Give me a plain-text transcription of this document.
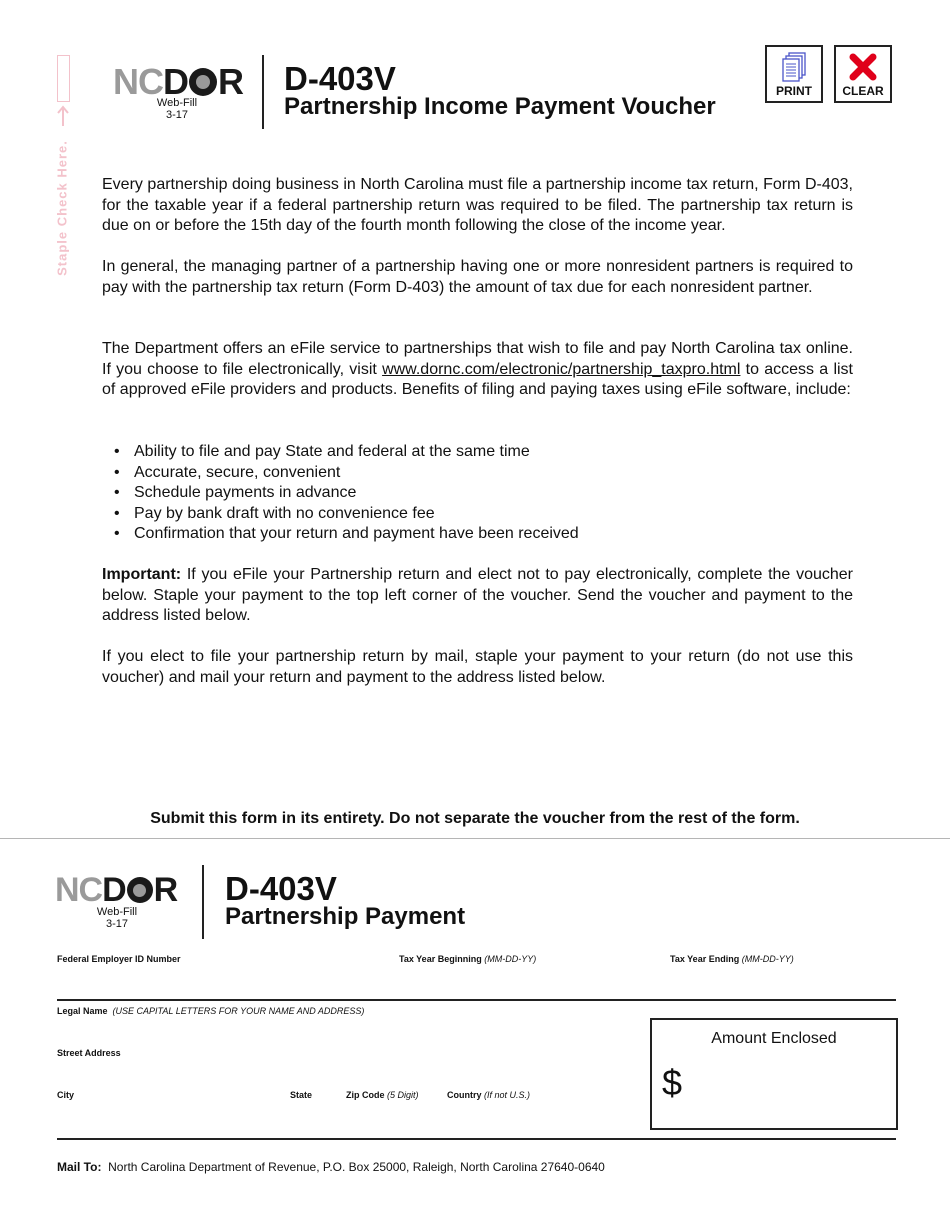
Staple Check Here.
NCD R
Web-Fill
3-17
D-403V
Partnership Income Payment Voucher
PRINT	CLEAR
Every partnership doing business in North Carolina must file a partnership income tax return, Form D-403, for the taxable year if a federal partnership return was required to be filed. The partnership tax return is due on or before the 15th day of the fourth month following the close of the income year.
In general, the managing partner of a partnership having one or more nonresident partners is required to pay with the partnership tax return (Form D-403) the amount of tax due for each nonresident partner.
The Department offers an eFile service to partnerships that wish to file and pay North Carolina tax online. If you choose to file electronically, visit www.dornc.com/electronic/partnership_taxpro.html to access a list of approved eFile providers and products. Benefits of filing and paying taxes using eFile software, include:
• Ability to file and pay State and federal at the same time
• Accurate, secure, convenient
• Schedule payments in advance
• Pay by bank draft with no convenience fee
• Confirmation that your return and payment have been received
Important: If you eFile your Partnership return and elect not to pay electronically, complete the voucher below. Staple your payment to the top left corner of the voucher. Send the voucher and payment to the address listed below.
If you elect to file your partnership return by mail, staple your payment to your return (do not use this voucher) and mail your return and payment to the address listed below.
Submit this form in its entirety. Do not separate the voucher from the rest of the form.
NCD R
Web-Fill
3-17
D-403V
Partnership Payment
Federal Employer ID Number	Tax Year Beginning (MM-DD-YY)	Tax Year Ending (MM-DD-YY)
Legal Name (USE CAPITAL LETTERS FOR YOUR NAME AND ADDRESS)
Street Address
City	State	Zip Code (5 Digit)	Country (If not U.S.)
Amount Enclosed
$
Mail To: North Carolina Department of Revenue, P.O. Box 25000, Raleigh, North Carolina 27640-0640
